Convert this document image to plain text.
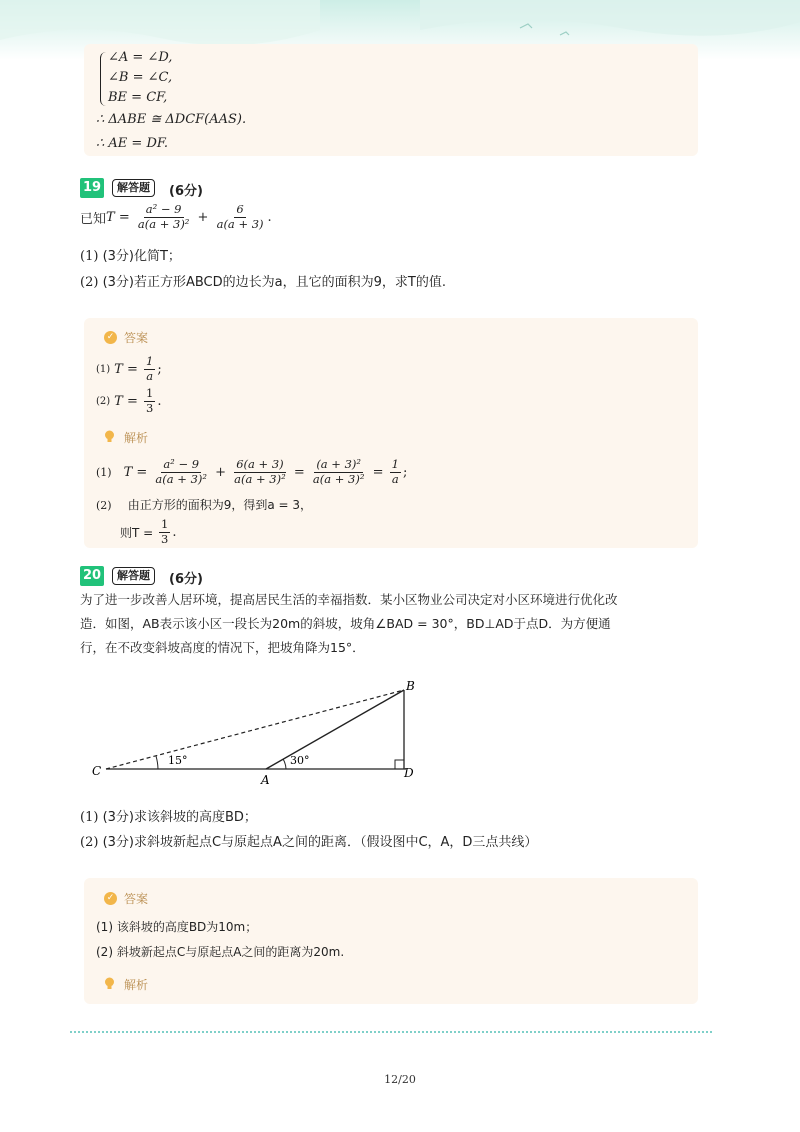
∠A = ∠D,
∠B = ∠C,
BE = CF,
∴ ΔABE ≅ ΔDCF(AAS).
∴ AE = DF.
19	解答题	(6分)
已知 $T = \frac{\text{a² − 9}}{\text{a(a + 3)²}} + \frac{6}{a(a + 3)}$ .
(1) (3分)化简T；
(2) (3分)若正方形ABCD的边长为a，且它的面积为9，求T的值.
✓ 答案
(1) $T = \frac{1}{a}$ ;
(2) $T = \frac{1}{3}$ .
解析
(1) $T = \frac{\text{a² − 9}}{\text{a(a + 3)²}} + \frac{6(a + 3)}{\text{a(a + 3)²}} = \frac{\text{(a + 3)²}}{\text{a(a + 3)²}} = \frac{1}{a}$ ;
(2) 由正方形的面积为9，得到a = 3，
则$T = \frac{1}{3}$ .
20	解答题	(6分)
为了进一步改善人居环境，提高居民生活的幸福指数．某小区物业公司决定对小区环境进行优化改
造．如图，AB表示该小区一段长为20m的斜坡，坡角∠BAD = 30°，BD⊥AD于点D．为方便通
行，在不改变斜坡高度的情况下，把坡角降为15°．
B
C
A	D
15°	30°
(1) (3分)求该斜坡的高度BD；
(2) (3分)求斜坡新起点C与原起点A之间的距离．（假设图中C，A，D三点共线）
✓ 答案
(1) 该斜坡的高度BD为10m；
(2) 斜坡新起点C与原起点A之间的距离为20m.
解析
12/20
